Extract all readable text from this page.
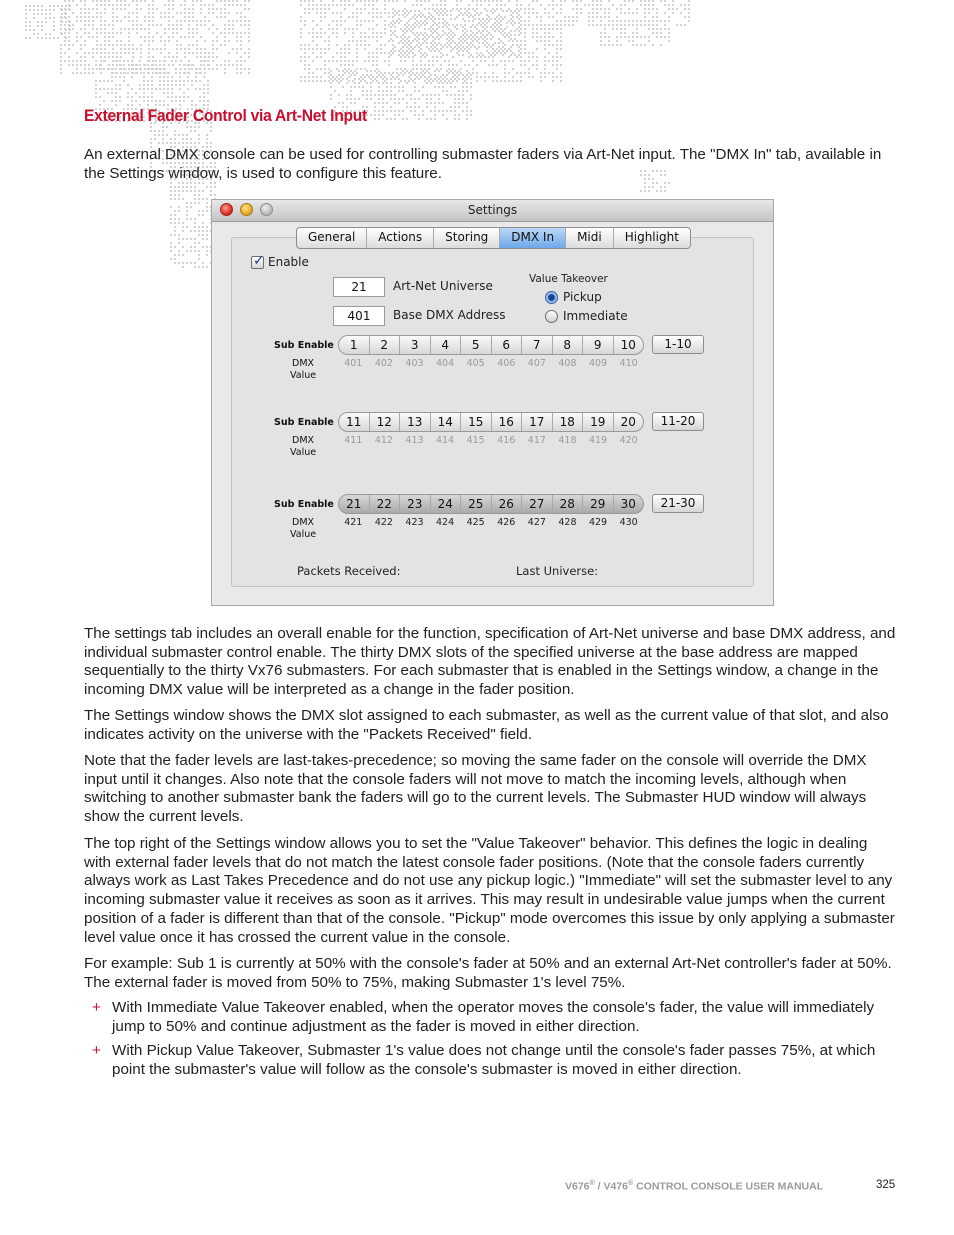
External Fader Control via Art-Net Input

An external DMX console can be used for controlling submaster faders via Art-Net input. The "DMX In" tab, available in the Settings window, is used to configure this feature.

Settings
✓ Enable
21	Art-Net Universe
401	Base DMX Address
Value Takeover
Pickup
Immediate
Sub Enable	1	2	3	4	5	6	7	8	9	10
DMX
Value
401	402	403	404	405	406	407	408	409	410
1-10
Sub Enable	11	12	13	14	15	16	17	18	19	20
DMX
Value
411	412	413	414	415	416	417	418	419	420
11-20
Sub Enable	21	22	23	24	25	26	27	28	29	30
DMX
Value
421	422	423	424	425	426	427	428	429	430
21-30
Packets Received:	Last Universe:
General	Actions	Storing	DMX In	Midi	Highlight

The settings tab includes an overall enable for the function, specification of Art-Net universe and base DMX address, and individual submaster control enable. The thirty DMX slots of the specified universe at the base address are mapped sequentially to the thirty Vx76 submasters. For each submaster that is enabled in the Settings window, a change in the incoming DMX value will be interpreted as a change in the fader position.

The Settings window shows the DMX slot assigned to each submaster, as well as the current value of that slot, and also indicates activity on the universe with the "Packets Received" field.

Note that the fader levels are last-takes-precedence; so moving the same fader on the console will override the DMX input until it changes. Also note that the console faders will not move to match the incoming levels, although when switching to another submaster bank the faders will go to the current levels. The Submaster HUD window will always show the current levels.

The top right of the Settings window allows you to set the "Value Takeover" behavior. This defines the logic in dealing with external fader levels that do not match the latest console fader positions. (Note that the console faders currently always work as Last Takes Precedence and do not use any pickup logic.) "Immediate" will set the submaster level to any incoming submaster value it receives as soon as it arrives. This may result in undesirable value jumps when the current position of a fader is different than that of the console. "Pickup" mode overcomes this issue by only applying a submaster level value once it has crossed the current value in the console.

For example: Sub 1 is currently at 50% with the console's fader at 50% and an external Art-Net controller's fader at 50%. The external fader is moved from 50% to 75%, making Submaster 1's level 75%.

+ With Immediate Value Takeover enabled, when the operator moves the console's fader, the value will immediately jump to 50% and continue adjustment as the fader is moved in either direction.
+ With Pickup Value Takeover, Submaster 1's value does not change until the console's fader passes 75%, at which point the submaster's value will follow as the console's submaster is moved in either direction.
V676® / V476® CONTROL CONSOLE USER MANUAL	325
